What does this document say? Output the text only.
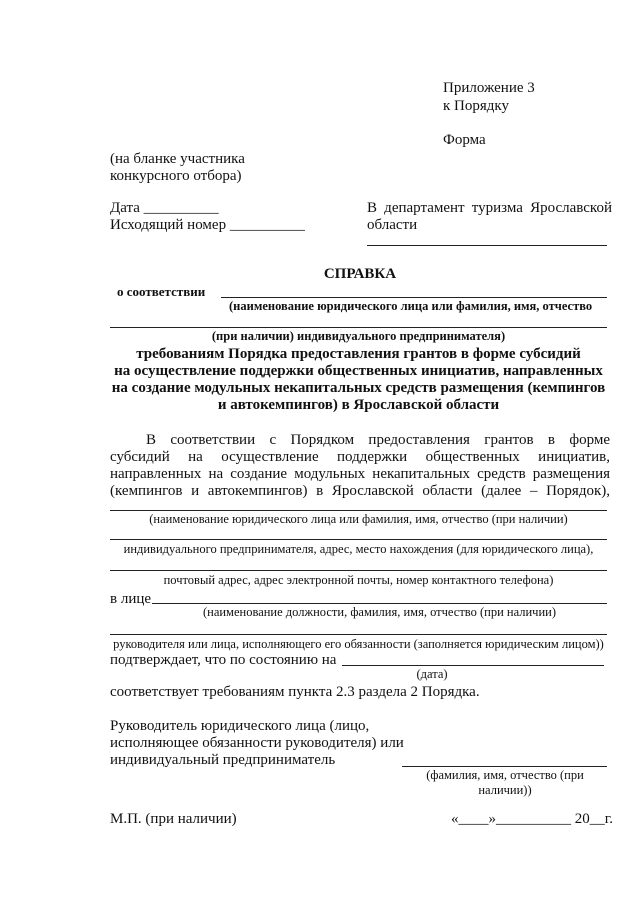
Приложение 3
к Порядку
Форма
(на бланке участника
конкурсного отбора)
Дата __________
Исходящий номер __________
В департамент туризма Ярославской
области
СПРАВКА
о соответствии
(наименование юридического лица или фамилия, имя, отчество
(при наличии) индивидуального предпринимателя)
требованиям Порядка предоставления грантов в форме субсидий
на осуществление поддержки общественных инициатив, направленных
на создание модульных некапитальных средств размещения (кемпингов
и автокемпингов) в Ярославской области
В соответствии с Порядком предоставления грантов в форме
субсидий на осуществление поддержки общественных инициатив,
направленных на создание модульных некапитальных средств размещения
(кемпингов и автокемпингов) в Ярославской области (далее – Порядок),
(наименование юридического лица или фамилия, имя, отчество (при наличии)
индивидуального предпринимателя, адрес, место нахождения (для юридического лица),
почтовый адрес, адрес электронной почты, номер контактного телефона)
в лице
(наименование должности, фамилия, имя, отчество (при наличии)
руководителя или лица, исполняющего его обязанности (заполняется юридическим лицом))
подтверждает, что по состоянию на
(дата)
соответствует требованиям пункта 2.3 раздела 2 Порядка.
Руководитель юридического лица (лицо,
исполняющее обязанности руководителя) или
индивидуальный предприниматель
(фамилия, имя, отчество (при
наличии))
М.П. (при наличии)	«____»__________ 20__г.
